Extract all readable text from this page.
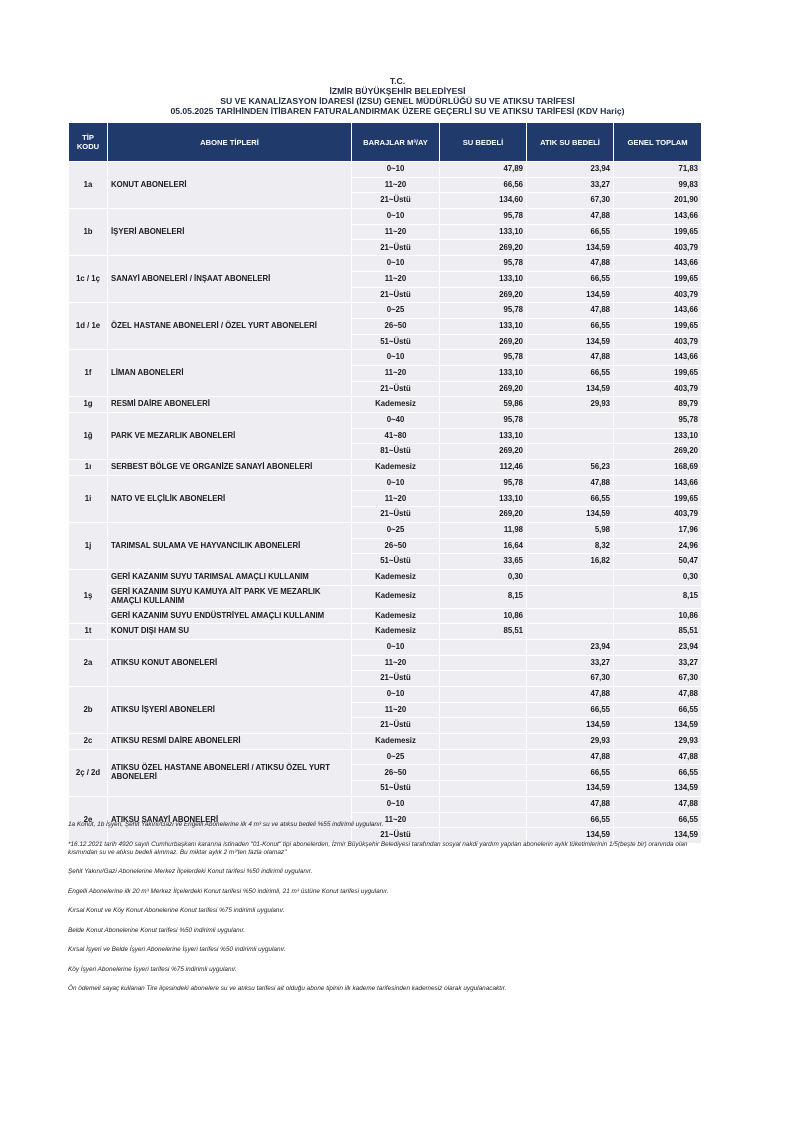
T.C.
İZMİR BÜYÜKŞEHİR BELEDİYESİ
SU VE KANALİZASYON İDARESİ (İZSU) GENEL MÜDÜRLÜĞÜ SU VE ATIKSU TARİFESİ
05.05.2025 TARİHİNDEN İTİBAREN FATURALANDIRMAK ÜZERE GEÇERLİ SU VE ATIKSU TARİFESİ (KDV Hariç)
TİP KODU	ABONE TİPLERİ	BARAJLAR M³/AY	SU BEDELİ	ATIK SU BEDELİ	GENEL TOPLAM
1a	KONUT ABONELERİ	0~10	47,89	23,94	71,83
		11~20	66,56	33,27	99,83
		21~Üstü	134,60	67,30	201,90
1b	İŞYERİ ABONELERİ	0~10	95,78	47,88	143,66
		11~20	133,10	66,55	199,65
		21~Üstü	269,20	134,59	403,79
1c / 1ç	SANAYİ ABONELERİ / İNŞAAT ABONELERİ	0~10	95,78	47,88	143,66
		11~20	133,10	66,55	199,65
		21~Üstü	269,20	134,59	403,79
1d / 1e	ÖZEL HASTANE ABONELERİ / ÖZEL YURT ABONELERİ	0~25	95,78	47,88	143,66
		26~50	133,10	66,55	199,65
		51~Üstü	269,20	134,59	403,79
1f	LİMAN ABONELERİ	0~10	95,78	47,88	143,66
		11~20	133,10	66,55	199,65
		21~Üstü	269,20	134,59	403,79
1g	RESMİ DAİRE ABONELERİ	Kademesiz	59,86	29,93	89,79
1ğ	PARK VE MEZARLIK ABONELERİ	0~40	95,78		95,78
		41~80	133,10		133,10
		81~Üstü	269,20		269,20
1ı	SERBEST BÖLGE VE ORGANİZE SANAYİ ABONELERİ	Kademesiz	112,46	56,23	168,69
1i	NATO VE ELÇİLİK ABONELERİ	0~10	95,78	47,88	143,66
		11~20	133,10	66,55	199,65
		21~Üstü	269,20	134,59	403,79
1j	TARIMSAL SULAMA VE HAYVANCILIK ABONELERİ	0~25	11,98	5,98	17,96
		26~50	16,64	8,32	24,96
		51~Üstü	33,65	16,82	50,47
1ş	GERİ KAZANIM SUYU TARIMSAL AMAÇLI KULLANIM	Kademesiz	0,30		0,30
	GERİ KAZANIM SUYU KAMUYA AİT PARK VE MEZARLIK AMAÇLI KULLANIM	Kademesiz	8,15		8,15
	GERİ KAZANIM SUYU ENDÜSTRİYEL AMAÇLI KULLANIM	Kademesiz	10,86		10,86
1t	KONUT DIŞI HAM SU	Kademesiz	85,51		85,51
2a	ATIKSU KONUT ABONELERİ	0~10		23,94	23,94
		11~20		33,27	33,27
		21~Üstü		67,30	67,30
2b	ATIKSU İŞYERİ ABONELERİ	0~10		47,88	47,88
		11~20		66,55	66,55
		21~Üstü		134,59	134,59
2c	ATIKSU RESMİ DAİRE ABONELERİ	Kademesiz		29,93	29,93
2ç / 2d	ATIKSU ÖZEL HASTANE ABONELERİ / ATIKSU ÖZEL YURT ABONELERİ	0~25		47,88	47,88
		26~50		66,55	66,55
		51~Üstü		134,59	134,59
2e	ATIKSU SANAYİ ABONELERİ	0~10		47,88	47,88
		11~20		66,55	66,55
		21~Üstü		134,59	134,59

1a Konut, 1b İşyeri, Şehit Yakını/Gazi ve Engelli Abonelerine ilk 4 m³ su ve atıksu bedeli %55 indirimli uygulanır.

*16.12.2021 tarih 4920 sayılı Cumhurbaşkanı kararına istinaden "01-Konut" tipi abonelerden, İzmir Büyükşehir Belediyesi tarafından sosyal nakdi yardım yapılan abonelerin aylık tüketimlerinin 1/5(beşte bir) oranında olan kısmından su ve atıksu bedeli alınmaz. Bu miktar aylık 2 m³'ten fazla olamaz"

Şehit Yakını/Gazi Abonelerine Merkez İlçelerdeki Konut tarifesi %50 indirimli uygulanır.

Engelli Abonelerine ilk 20 m³ Merkez İlçelerdeki Konut tarifesi %50 indirimli, 21 m³ üstüne Konut tarifesi uygulanır.

Kırsal Konut ve Köy Konut Abonelerine Konut tarifesi %75 indirimli uygulanır.

Belde Konut Abonelerine Konut tarifesi %50 indirimli uygulanır.

Kırsal İşyeri ve Belde İşyeri Abonelerine İşyeri tarifesi %50 indirimli uygulanır.

Köy İşyeri Abonelerine İşyeri tarifesi %75 indirimli uygulanır.

Ön ödemeli sayaç kullanan Tire ilçesindeki abonelere su ve atıksu tarifesi ait olduğu abone tipinin ilk kademe tarifesinden kademesiz olarak uygulanacaktır.
